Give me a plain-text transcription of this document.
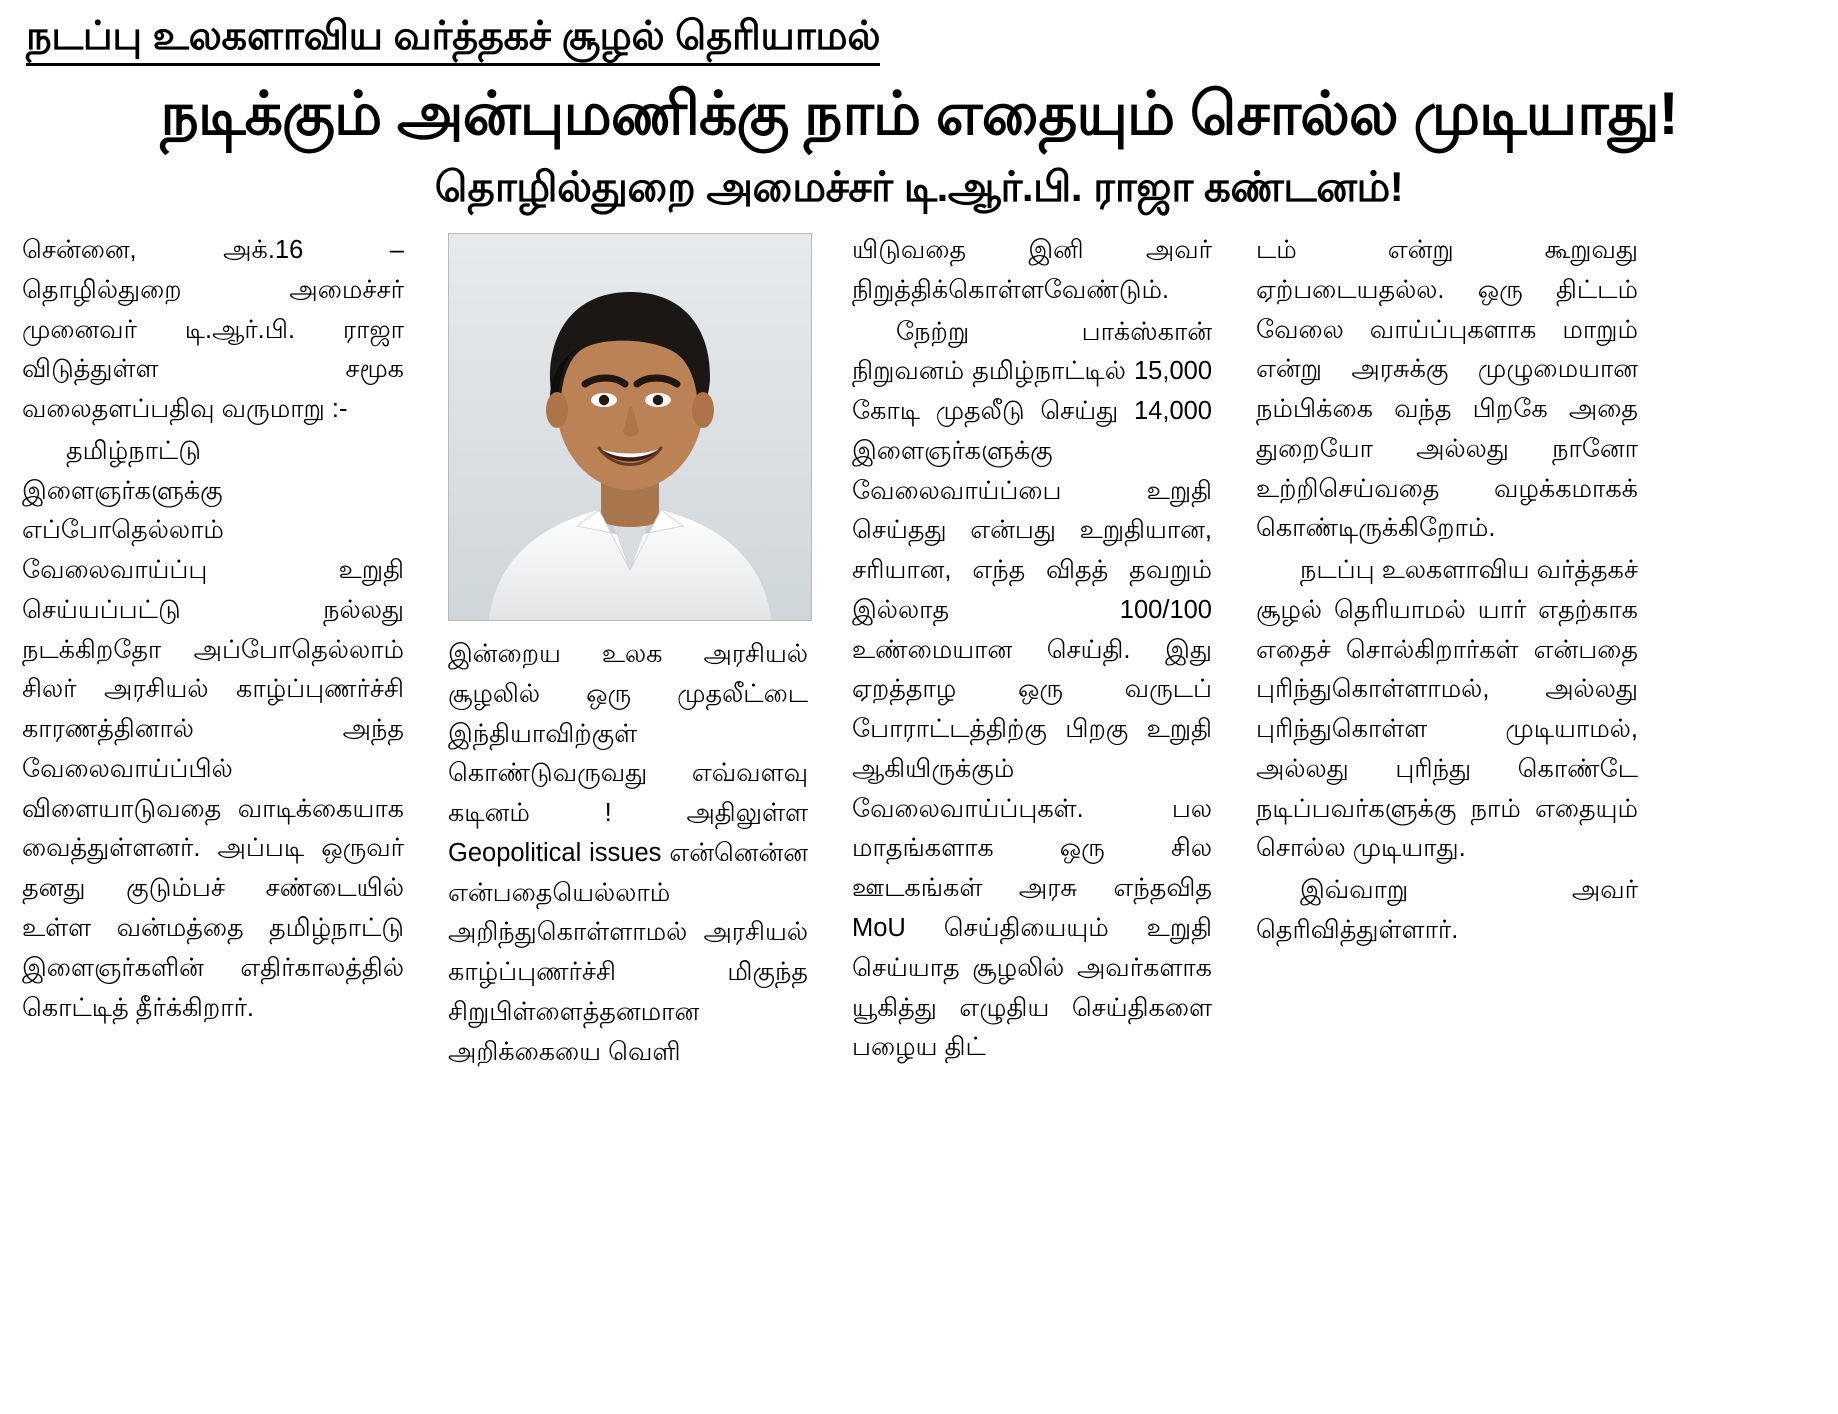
நடப்பு உலகளாவிய வர்த்தகச் சூழல் தெரியாமல்
நடிக்கும் அன்புமணிக்கு நாம் எதையும் சொல்ல முடியாது!
தொழில்துறை அமைச்சர் டி.ஆர்.பி. ராஜா கண்டனம்!

சென்னை, அக்.16 – தொழில்துறை அமைச்சர் முனைவர் டி.ஆர்.பி. ராஜா விடுத்துள்ள சமூக வலைதளப்பதிவு வருமாறு :-

தமிழ்நாட்டு இளைஞர்களுக்கு எப்போதெல்லாம் வேலைவாய்ப்பு உறுதி செய்யப்பட்டு நல்லது நடக்கிறதோ அப்போதெல்லாம் சிலர் அரசியல் காழ்ப்புணர்ச்சி காரணத்தினால் அந்த வேலைவாய்ப்பில் விளையாடுவதை வாடிக்கையாக வைத்துள்ளனர். அப்படி ஒருவர் தனது குடும்பச் சண்டையில் உள்ள வன்மத்தை தமிழ்நாட்டு இளைஞர்களின் எதிர்காலத்தில் கொட்டித் தீர்க்கிறார்.

இன்றைய உலக அரசியல் சூழலில் ஒரு முதலீட்டை இந்தியாவிற்குள் கொண்டுவருவது எவ்வளவு கடினம் ! அதிலுள்ள Geopolitical issues என்னென்ன என்பதையெல்லாம் அறிந்துகொள்ளாமல் அரசியல் காழ்ப்புணர்ச்சி மிகுந்த சிறுபிள்ளைத்தனமான அறிக்கையை வெளி

யிடுவதை இனி அவர் நிறுத்திக்கொள்ளவேண்டும்.

நேற்று பாக்ஸ்கான் நிறுவனம் தமிழ்நாட்டில் 15,000 கோடி முதலீடு செய்து 14,000 இளைஞர்களுக்கு வேலைவாய்ப்பை உறுதி செய்தது என்பது உறுதியான, சரியான, எந்த விதத் தவறும் இல்லாத 100/100 உண்மையான செய்தி. இது ஏறத்தாழ ஒரு வருடப் போராட்டத்திற்கு பிறகு உறுதி ஆகியிருக்கும் வேலைவாய்ப்புகள். பல மாதங்களாக ஒரு சில ஊடகங்கள் அரசு எந்தவித MoU செய்தியையும் உறுதி செய்யாத சூழலில் அவர்களாக யூகித்து எழுதிய செய்திகளை பழைய திட்

டம் என்று கூறுவது ஏற்படையதல்ல. ஒரு திட்டம் வேலை வாய்ப்புகளாக மாறும் என்று அரசுக்கு முழுமையான நம்பிக்கை வந்த பிறகே அதை துறையோ அல்லது நானோ உற்றிசெய்வதை வழக்கமாகக் கொண்டிருக்கிறோம்.

நடப்பு உலகளாவிய வர்த்தகச் சூழல் தெரியாமல் யார் எதற்காக எதைச் சொல்கிறார்கள் என்பதை புரிந்துகொள்ளாமல், அல்லது புரிந்துகொள்ள முடியாமல், அல்லது புரிந்து கொண்டே நடிப்பவர்களுக்கு நாம் எதையும் சொல்ல முடியாது.

இவ்வாறு அவர் தெரிவித்துள்ளார்.
